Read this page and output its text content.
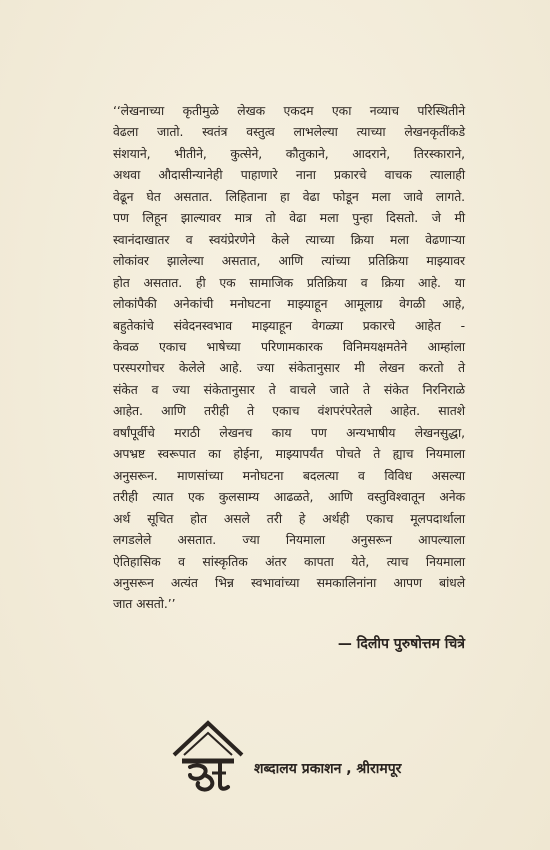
‘‘लेखनाच्या कृतीमुळे लेखक एकदम एका नव्याच परिस्थितीने

वेढला जातो. स्वतंत्र वस्तुत्व लाभलेल्या त्याच्या लेखनकृतींकडे

संशयाने, भीतीने, कुत्सेने, कौतुकाने, आदराने, तिरस्काराने,

अथवा औदासीन्यानेही पाहाणारे नाना प्रकारचे वाचक त्यालाही

वेढून घेत असतात. लिहिताना हा वेढा फोडून मला जावे लागते.

पण लिहून झाल्यावर मात्र तो वेढा मला पुन्हा दिसतो. जे मी

स्वानंदाखातर व स्वयंप्रेरणेने केले त्याच्या क्रिया मला वेढणाऱ्या

लोकांवर झालेल्या असतात, आणि त्यांच्या प्रतिक्रिया माझ्यावर

होत असतात. ही एक सामाजिक प्रतिक्रिया व क्रिया आहे. या

लोकांपैकी अनेकांची मनोघटना माझ्याहून आमूलाग्र वेगळी आहे,

बहुतेकांचे संवेदनस्वभाव माझ्याहून वेगळ्या प्रकारचे आहेत -

केवळ एकाच भाषेच्या परिणामकारक विनिमयक्षमतेने आम्हांला

परस्परगोचर केलेले आहे. ज्या संकेतानुसार मी लेखन करतो ते

संकेत व ज्या संकेतानुसार ते वाचले जाते ते संकेत निरनिराळे

आहेत. आणि तरीही ते एकाच वंशपरंपरेतले आहेत. सातशे

वर्षांपूर्वीचे मराठी लेखनच काय पण अन्यभाषीय लेखनसुद्धा,

अपभ्रष्ट स्वरूपात का होईना, माझ्यापर्यंत पोचते ते ह्याच नियमाला

अनुसरून. माणसांच्या मनोघटना बदलत्या व विविध असल्या

तरीही त्यात एक कुलसाम्य आढळते, आणि वस्तुविश्वातून अनेक

अर्थ सूचित होत असले तरी हे अर्थही एकाच मूलपदार्थाला

लगडलेले असतात. ज्या नियमाला अनुसरून आपल्याला

ऐतिहासिक व सांस्कृतिक अंतर कापता येते, त्याच नियमाला

अनुसरून अत्यंत भिन्न स्वभावांच्या समकालिनांना आपण बांधले

जात असतो.’’

— दिलीप पुरुषोत्तम चित्रे
शब्दालय प्रकाशन , श्रीरामपूर
